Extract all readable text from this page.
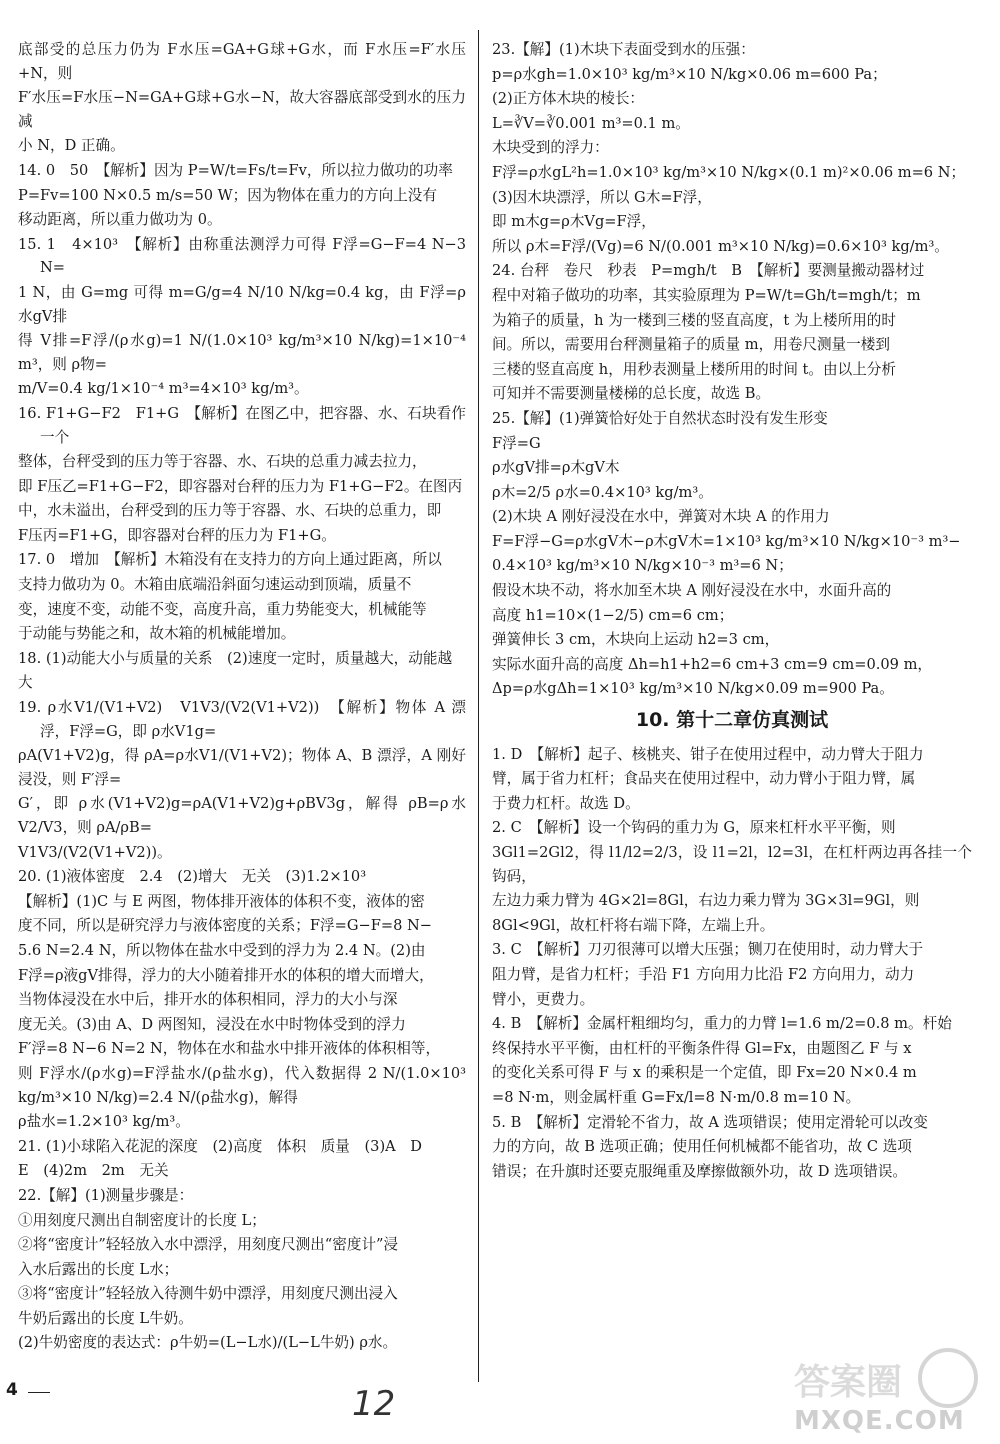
底部受的总压力仍为 F水压=GA+G球+G水，而 F水压=F′水压+N，则

F′水压=F水压−N=GA+G球+G水−N，故大容器底部受到水的压力减

小 N，D 正确。

14. 0　50　【解析】因为 P=W/t=Fs/t=Fv，所以拉力做功的功率

P=Fv=100 N×0.5 m/s=50 W；因为物体在重力的方向上没有

移动距离，所以重力做功为 0。

15. 1　4×10³　【解析】由称重法测浮力可得 F浮=G−F=4 N−3 N=

1 N，由 G=mg 可得 m=G/g=4 N/10 N/kg=0.4 kg，由 F浮=ρ水gV排

得 V排=F浮/(ρ水g)=1 N/(1.0×10³ kg/m³×10 N/kg)=1×10⁻⁴ m³，则 ρ物=

m/V=0.4 kg/1×10⁻⁴ m³=4×10³ kg/m³。

16. F1+G−F2　F1+G　【解析】在图乙中，把容器、水、石块看作一个

整体，台秤受到的压力等于容器、水、石块的总重力减去拉力，

即 F压乙=F1+G−F2，即容器对台秤的压力为 F1+G−F2。在图丙

中，水未溢出，台秤受到的压力等于容器、水、石块的总重力，即

F压丙=F1+G，即容器对台秤的压力为 F1+G。

17. 0　增加　【解析】木箱没有在支持力的方向上通过距离，所以

支持力做功为 0。木箱由底端沿斜面匀速运动到顶端，质量不

变，速度不变，动能不变，高度升高，重力势能变大，机械能等

于动能与势能之和，故木箱的机械能增加。

18. (1)动能大小与质量的关系　(2)速度一定时，质量越大，动能越

大

19. ρ水V1/(V1+V2)　V1V3/(V2(V1+V2))　【解析】物体 A 漂浮，F浮=G，即 ρ水V1g=

ρA(V1+V2)g，得 ρA=ρ水V1/(V1+V2)；物体 A、B 漂浮，A 刚好浸没，则 F′浮=

G′，即 ρ水(V1+V2)g=ρA(V1+V2)g+ρBV3g，解得 ρB=ρ水V2/V3，则 ρA/ρB=

V1V3/(V2(V1+V2))。

20. (1)液体密度　2.4　(2)增大　无关　(3)1.2×10³

【解析】(1)C 与 E 两图，物体排开液体的体积不变，液体的密

度不同，所以是研究浮力与液体密度的关系；F浮=G−F=8 N−

5.6 N=2.4 N，所以物体在盐水中受到的浮力为 2.4 N。(2)由

F浮=ρ液gV排得，浮力的大小随着排开水的体积的增大而增大，

当物体浸没在水中后，排开水的体积相同，浮力的大小与深

度无关。(3)由 A、D 两图知，浸没在水中时物体受到的浮力

F′浮=8 N−6 N=2 N，物体在水和盐水中排开液体的体积相等，

则 F浮水/(ρ水g)=F浮盐水/(ρ盐水g)，代入数据得 2 N/(1.0×10³ kg/m³×10 N/kg)=2.4 N/(ρ盐水g)，解得

ρ盐水=1.2×10³ kg/m³。

21. (1)小球陷入花泥的深度　(2)高度　体积　质量　(3)A　D

E　(4)2m　2m　无关

22.【解】(1)测量步骤是：

①用刻度尺测出自制密度计的长度 L；

②将“密度计”轻轻放入水中漂浮，用刻度尺测出“密度计”浸

入水后露出的长度 L水；

③将“密度计”轻轻放入待测牛奶中漂浮，用刻度尺测出浸入

牛奶后露出的长度 L牛奶。

(2)牛奶密度的表达式：ρ牛奶=(L−L水)/(L−L牛奶) ρ水。

23.【解】(1)木块下表面受到水的压强：

p=ρ水gh=1.0×10³ kg/m³×10 N/kg×0.06 m=600 Pa；

(2)正方体木块的棱长：

L=∛V=∛0.001 m³=0.1 m。

木块受到的浮力：

F浮=ρ水gL²h=1.0×10³ kg/m³×10 N/kg×(0.1 m)²×0.06 m=6 N；

(3)因木块漂浮，所以 G木=F浮，

即 m木g=ρ木Vg=F浮，

所以 ρ木=F浮/(Vg)=6 N/(0.001 m³×10 N/kg)=0.6×10³ kg/m³。

24. 台秤　卷尺　秒表　P=mgh/t　B　【解析】要测量搬动器材过

程中对箱子做功的功率，其实验原理为 P=W/t=Gh/t=mgh/t；m

为箱子的质量，h 为一楼到三楼的竖直高度，t 为上楼所用的时

间。所以，需要用台秤测量箱子的质量 m，用卷尺测量一楼到

三楼的竖直高度 h，用秒表测量上楼所用的时间 t。由以上分析

可知并不需要测量楼梯的总长度，故选 B。

25.【解】(1)弹簧恰好处于自然状态时没有发生形变

F浮=G

ρ水gV排=ρ木gV木

ρ木=2/5 ρ水=0.4×10³ kg/m³。

(2)木块 A 刚好浸没在水中，弹簧对木块 A 的作用力

F=F浮−G=ρ水gV木−ρ木gV木=1×10³ kg/m³×10 N/kg×10⁻³ m³−

0.4×10³ kg/m³×10 N/kg×10⁻³ m³=6 N；

假设木块不动，将水加至木块 A 刚好浸没在水中，水面升高的

高度 h1=10×(1−2/5) cm=6 cm；

弹簧伸长 3 cm，木块向上运动 h2=3 cm，

实际水面升高的高度 Δh=h1+h2=6 cm+3 cm=9 cm=0.09 m，

Δp=ρ水gΔh=1×10³ kg/m³×10 N/kg×0.09 m=900 Pa。

10. 第十二章仿真测试

1. D　【解析】起子、核桃夹、钳子在使用过程中，动力臂大于阻力

臂，属于省力杠杆；食品夹在使用过程中，动力臂小于阻力臂，属

于费力杠杆。故选 D。

2. C　【解析】设一个钩码的重力为 G，原来杠杆水平平衡，则

3Gl1=2Gl2，得 l1/l2=2/3，设 l1=2l，l2=3l，在杠杆两边再各挂一个钩码，

左边力乘力臂为 4G×2l=8Gl，右边力乘力臂为 3G×3l=9Gl，则

8Gl<9Gl，故杠杆将右端下降，左端上升。

3. C　【解析】刀刃很薄可以增大压强；铡刀在使用时，动力臂大于

阻力臂，是省力杠杆；手沿 F1 方向用力比沿 F2 方向用力，动力

臂小，更费力。

4. B　【解析】金属杆粗细均匀，重力的力臂 l=1.6 m/2=0.8 m。杆始

终保持水平平衡，由杠杆的平衡条件得 Gl=Fx，由题图乙 F 与 x

的变化关系可得 F 与 x 的乘积是一个定值，即 Fx=20 N×0.4 m

=8 N·m，则金属杆重 G=Fx/l=8 N·m/0.8 m=10 N。

5. B　【解析】定滑轮不省力，故 A 选项错误；使用定滑轮可以改变

力的方向，故 B 选项正确；使用任何机械都不能省功，故 C 选项

错误；在升旗时还要克服绳重及摩擦做额外功，故 D 选项错误。

4	12
答案圈
MXQE.COM
